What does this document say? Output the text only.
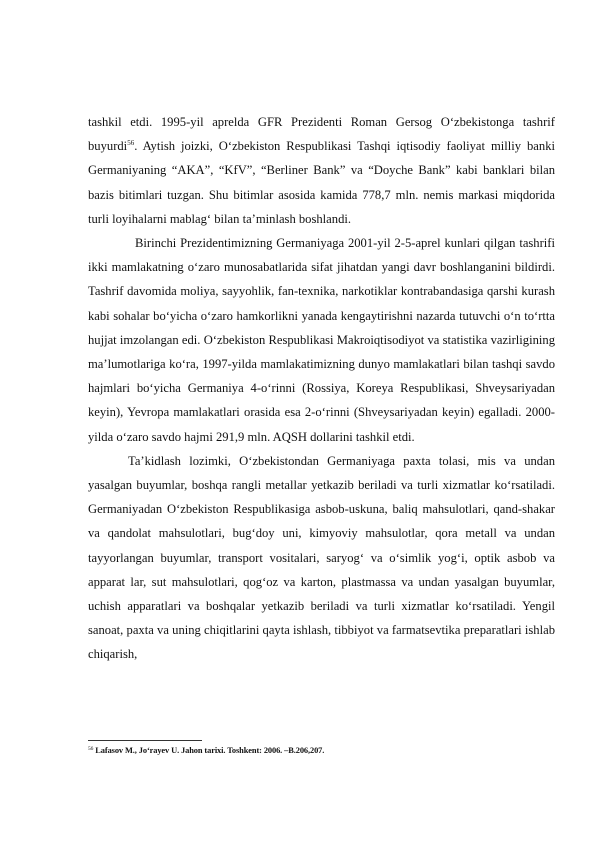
tashkil etdi. 1995-yil aprelda GFR Prezidenti Roman Gersog O‘zbekistonga tashrif buyurdi$^{56}$. Aytish joizki, O‘zbekiston Respublikasi Tashqi iqtisodiy faoliyat milliy banki Germaniyaning “AKA”, “KfV”, “Berliner Bank” va “Doyche Bank” kabi banklari bilan bazis bitimlari tuzgan. Shu bitimlar asosida kamida 778,7 mln. nemis markasi miqdorida turli loyihalarni mablag‘ bilan ta’minlash boshlandi.

Birinchi Prezidentimizning Germaniyaga 2001-yil 2-5-aprel kunlari qilgan tashrifi ikki mamlakatning o‘zaro munosabatlarida sifat jihatdan yangi davr boshlanganini bildirdi. Tashrif davomida moliya, sayyohlik, fan-texnika, narkotiklar kontrabandasiga qarshi kurash kabi sohalar bo‘yicha o‘zaro hamkorlikni yanada kengaytirishni nazarda tutuvchi o‘n to‘rtta hujjat imzolangan edi. O‘zbekiston Respublikasi Makroiqtisodiyot va statistika vazirligining ma’lumotlariga ko‘ra, 1997-yilda mamlakatimizning dunyo mamlakatlari bilan tashqi savdo hajmlari bo‘yicha Germaniya 4-o‘rinni (Rossiya, Koreya Respublikasi, Shveysariyadan keyin), Yevropa mamlakatlari orasida esa 2-o‘rinni (Shveysariyadan keyin) egalladi. 2000-yilda o‘zaro savdo hajmi 291,9 mln. AQSH dollarini tashkil etdi.

Ta’kidlash lozimki, O‘zbekistondan Germaniyaga paxta tolasi, mis va undan yasalgan buyumlar, boshqa rangli metallar yetkazib beriladi va turli xizmatlar ko‘rsatiladi. Germaniyadan O‘zbekiston Respublikasiga asbob-uskuna, baliq mahsulotlari, qand-shakar va qandolat mahsulotlari, bug‘doy uni, kimyoviy mahsulotlar, qora metall va undan tayyorlangan buyumlar, transport vositalari, saryog‘ va o‘simlik yog‘i, optik asbob va apparat lar, sut mahsulotlari, qog‘oz va karton, plastmassa va undan yasalgan buyumlar, uchish apparatlari va boshqalar yetkazib beriladi va turli xizmatlar ko‘rsatiladi. Yengil sanoat, paxta va uning chiqitlarini qayta ishlash, tibbiyot va farmatsevtika preparatlari ishlab chiqarish,

$^{56}$ Lafasov M., Jo‘rayev U. Jahon tarixi. Toshkent: 2006. –B.206,207.
